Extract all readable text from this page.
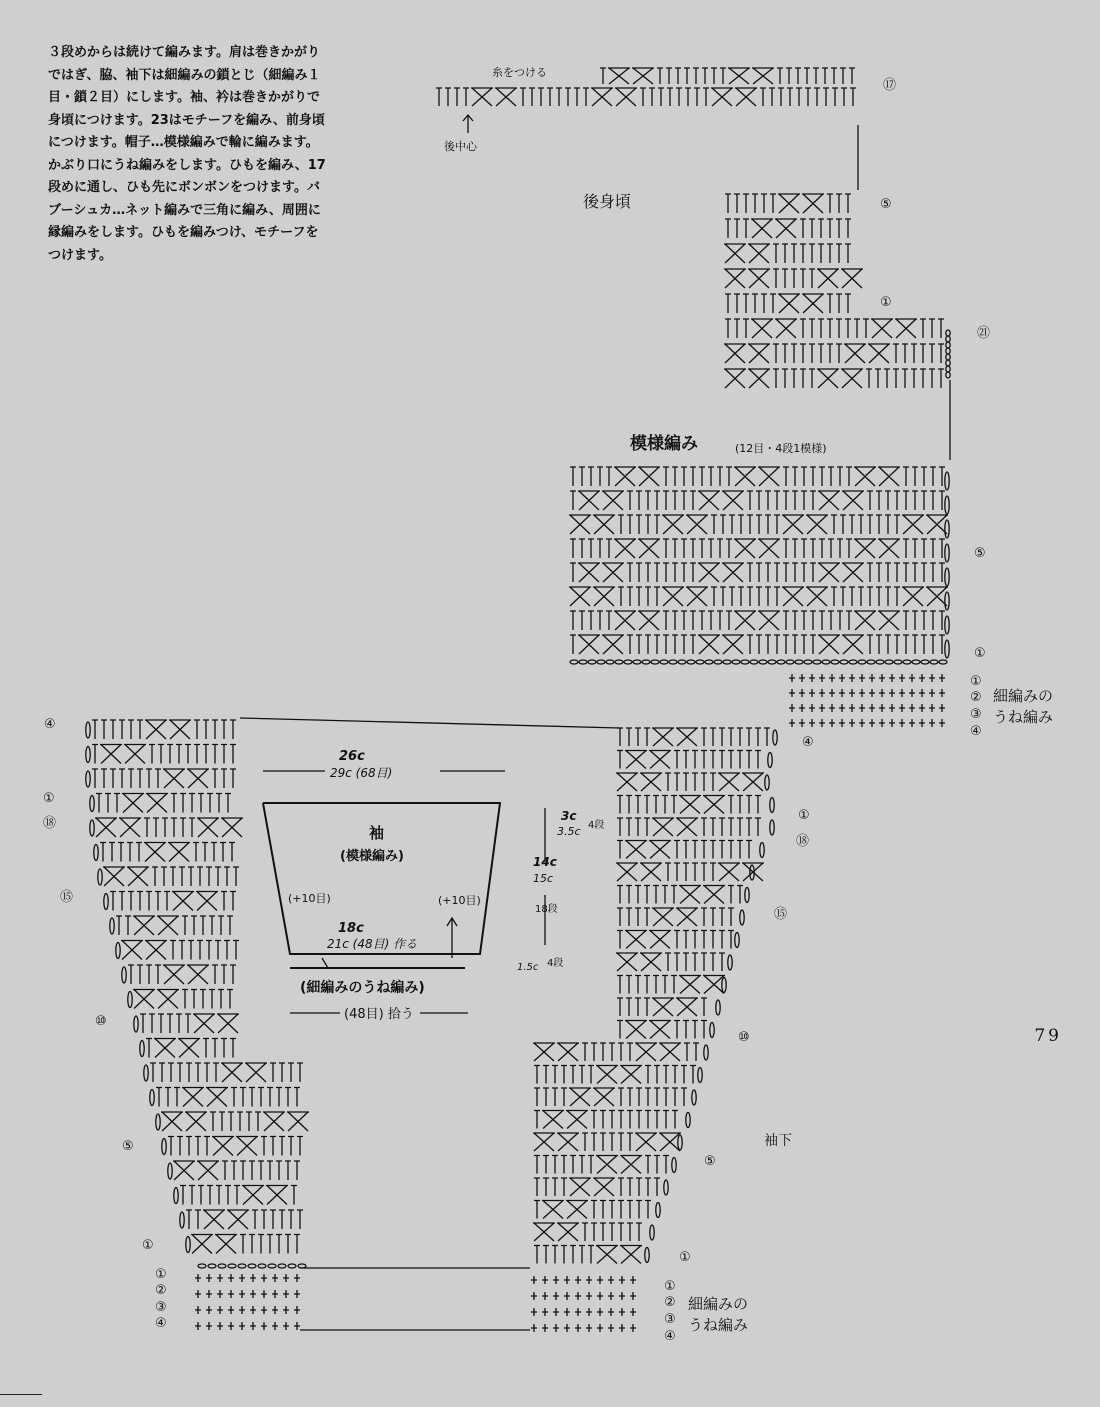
３段めからは続けて編みます。肩は巻きかがり
ではぎ、脇、袖下は細編みの鎖とじ（細編み１
目・鎖２目）にします。袖、衿は巻きかがりで
身頃につけます。23はモチーフを編み、前身頃
につけます。帽子…模様編みで輪に編みます。
かぶり口にうね編みをします。ひもを編み、17
段めに通し、ひも先にボンボンをつけます。バ
ブーシュカ…ネット編みで三角に編み、周囲に
縁編みをします。ひもを編みつけ、モチーフを
つけます。
糸をつける
後中心
後身頃
⑰
⑤
①
㉑
模様編み	(12目・4段1模様)
⑤
①
①
②
③
④
細編みの
うね編み
26c
29c (68目)
袖
(模様編み)
(+10目)	(+10目)
18c
21c (48目) 作る
(細編みのうね編み)
(48目) 拾う
3c
3.5c 4段
14c
15c
18段
1.5c 4段
④
①
⑱
⑮
⑩
⑤
①
①
②
③
④
④
①
⑱
⑮
⑩
⑤
①
袖下
①
②
③
④
細編みの
うね編み
79
